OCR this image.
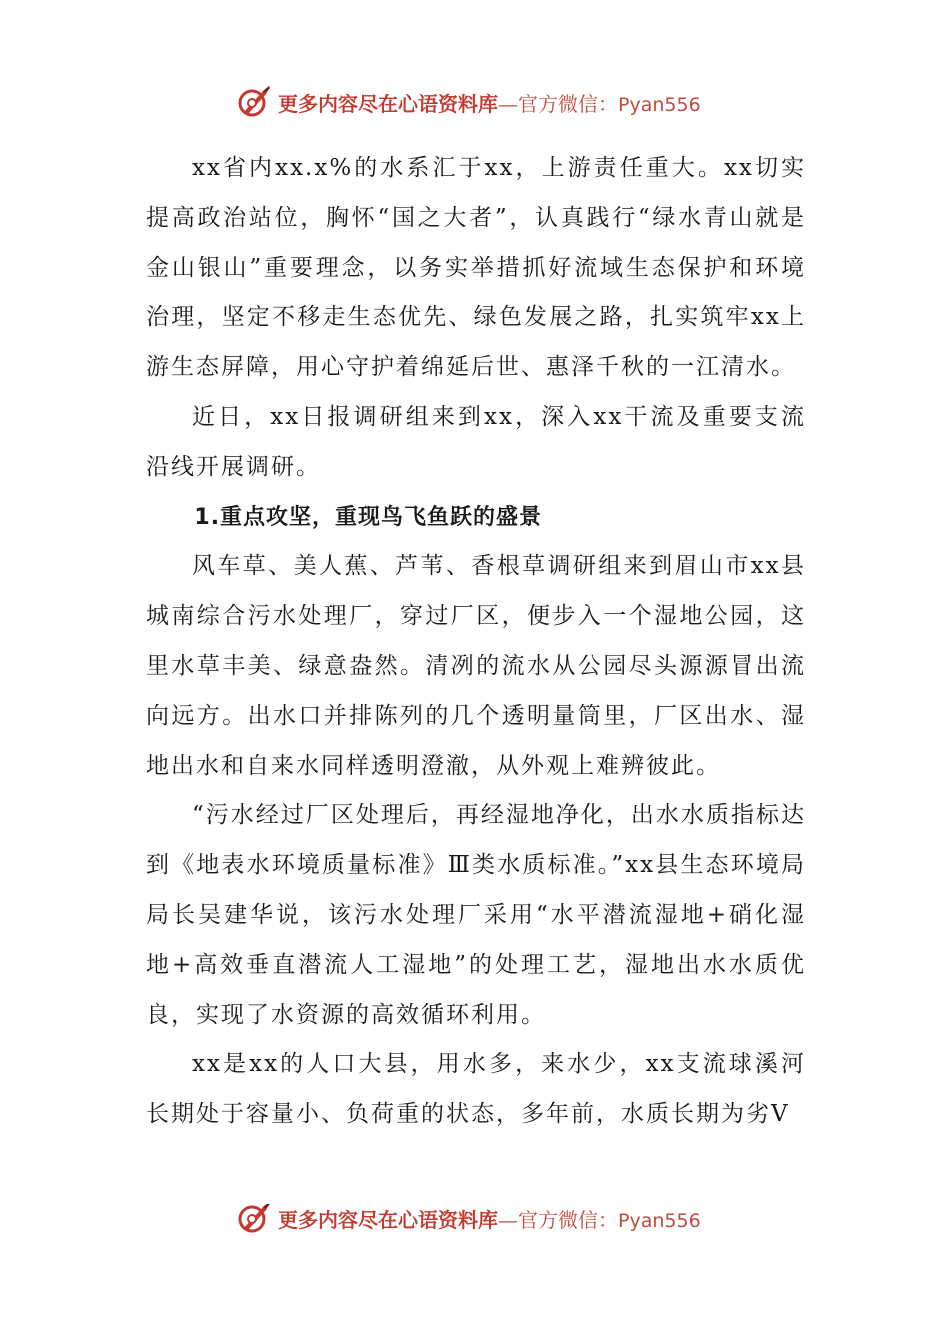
更多内容尽在心语资料库—官方微信：Pyan556

xx省内xx.x%的水系汇于xx，上游责任重大。xx切实提高政治站位，胸怀“国之大者”，认真践行“绿水青山就是金山银山”重要理念，以务实举措抓好流域生态保护和环境治理，坚定不移走生态优先、绿色发展之路，扎实筑牢xx上游生态屏障，用心守护着绵延后世、惠泽千秋的一江清水。

近日，xx日报调研组来到xx，深入xx干流及重要支流沿线开展调研。

1.重点攻坚，重现鸟飞鱼跃的盛景

风车草、美人蕉、芦苇、香根草调研组来到眉山市xx县城南综合污水处理厂，穿过厂区，便步入一个湿地公园，这里水草丰美、绿意盎然。清冽的流水从公园尽头源源冒出流向远方。出水口并排陈列的几个透明量筒里，厂区出水、湿地出水和自来水同样透明澄澈，从外观上难辨彼此。

“污水经过厂区处理后，再经湿地净化，出水水质指标达到《地表水环境质量标准》Ⅲ类水质标准。”xx县生态环境局局长吴建华说，该污水处理厂采用“水平潜流湿地+硝化湿地+高效垂直潜流人工湿地”的处理工艺，湿地出水水质优良，实现了水资源的高效循环利用。

xx是xx的人口大县，用水多，来水少，xx支流球溪河长期处于容量小、负荷重的状态，多年前，水质长期为劣Ⅴ

更多内容尽在心语资料库—官方微信：Pyan556
